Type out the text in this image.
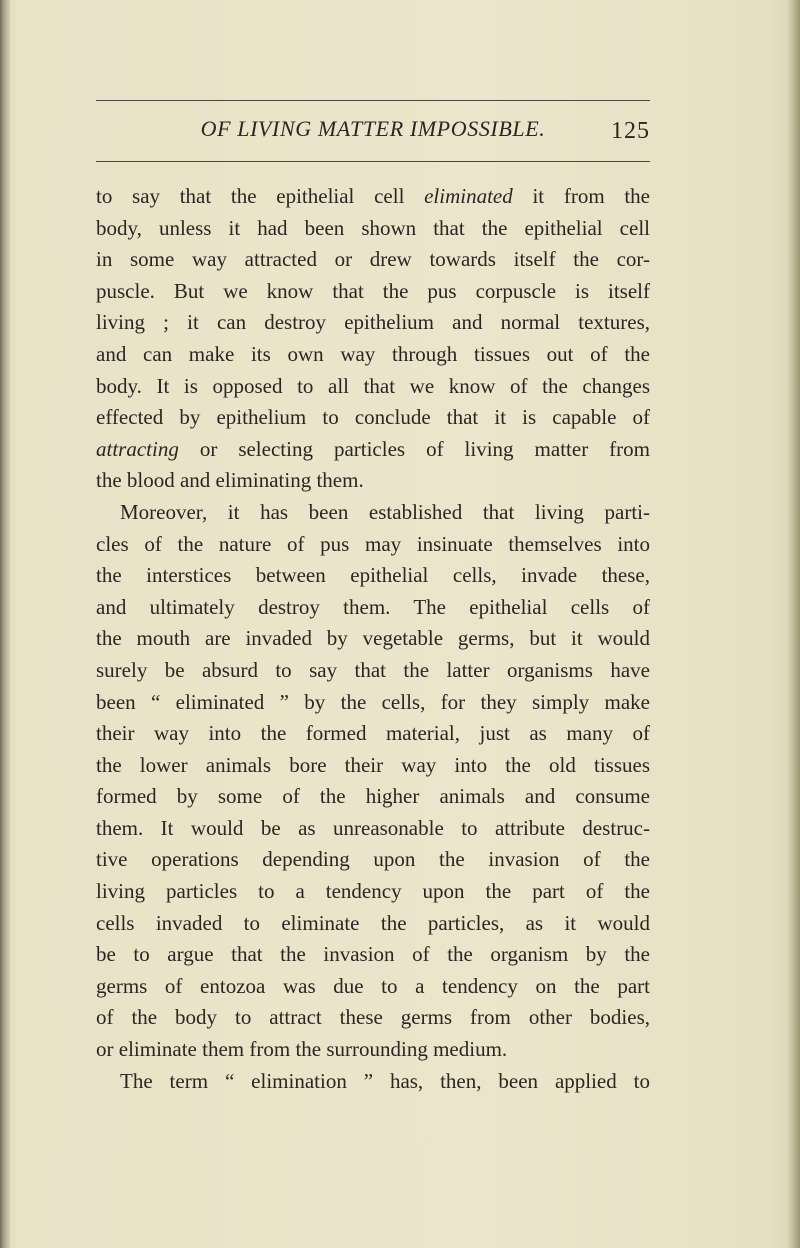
OF LIVING MATTER IMPOSSIBLE.	125
to say that the epithelial cell eliminated it from the
body, unless it had been shown that the epithelial cell
in some way attracted or drew towards itself the cor-
puscle. But we know that the pus corpuscle is itself
living ; it can destroy epithelium and normal textures,
and can make its own way through tissues out of the
body. It is opposed to all that we know of the changes
effected by epithelium to conclude that it is capable of
attracting or selecting particles of living matter from
the blood and eliminating them.
Moreover, it has been established that living parti-
cles of the nature of pus may insinuate themselves into
the interstices between epithelial cells, invade these,
and ultimately destroy them. The epithelial cells of
the mouth are invaded by vegetable germs, but it would
surely be absurd to say that the latter organisms have
been “ eliminated ” by the cells, for they simply make
their way into the formed material, just as many of
the lower animals bore their way into the old tissues
formed by some of the higher animals and consume
them. It would be as unreasonable to attribute destruc-
tive operations depending upon the invasion of the
living particles to a tendency upon the part of the
cells invaded to eliminate the particles, as it would
be to argue that the invasion of the organism by the
germs of entozoa was due to a tendency on the part
of the body to attract these germs from other bodies,
or eliminate them from the surrounding medium.
The term “ elimination ” has, then, been applied to
